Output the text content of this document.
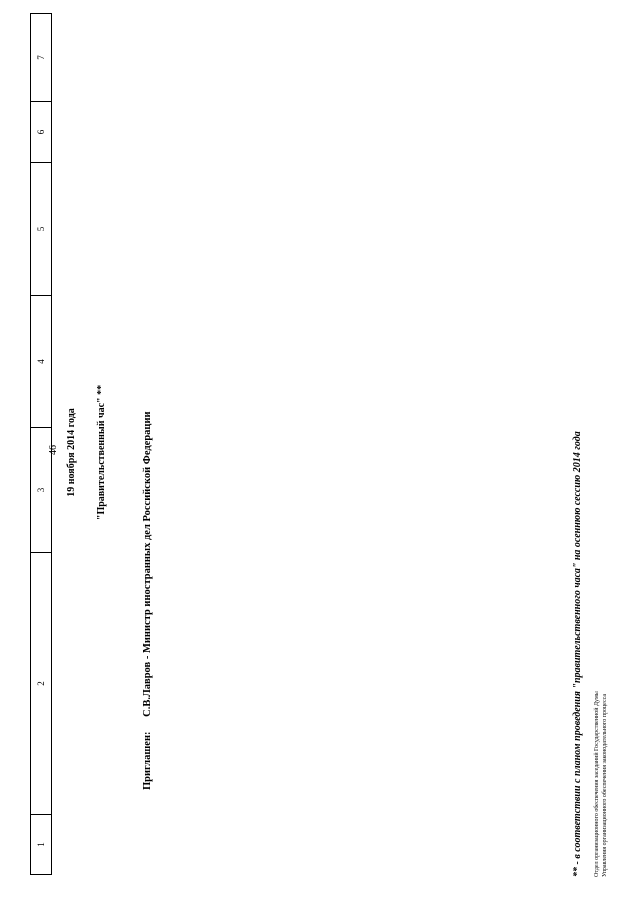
1
2
3
4
5
6
7
46 19 ноября 2014 года "Правительственный час" **
Приглашен: С.В.Лавров - Министр иностранных дел Российской Федерации	** - в соответствии с планом проведения "правительственного часа" на осеннюю сессию 2014 года Отдел организационного обеспечения заседаний Государственной Думы Управления организационного обеспечения законодательного процесса
